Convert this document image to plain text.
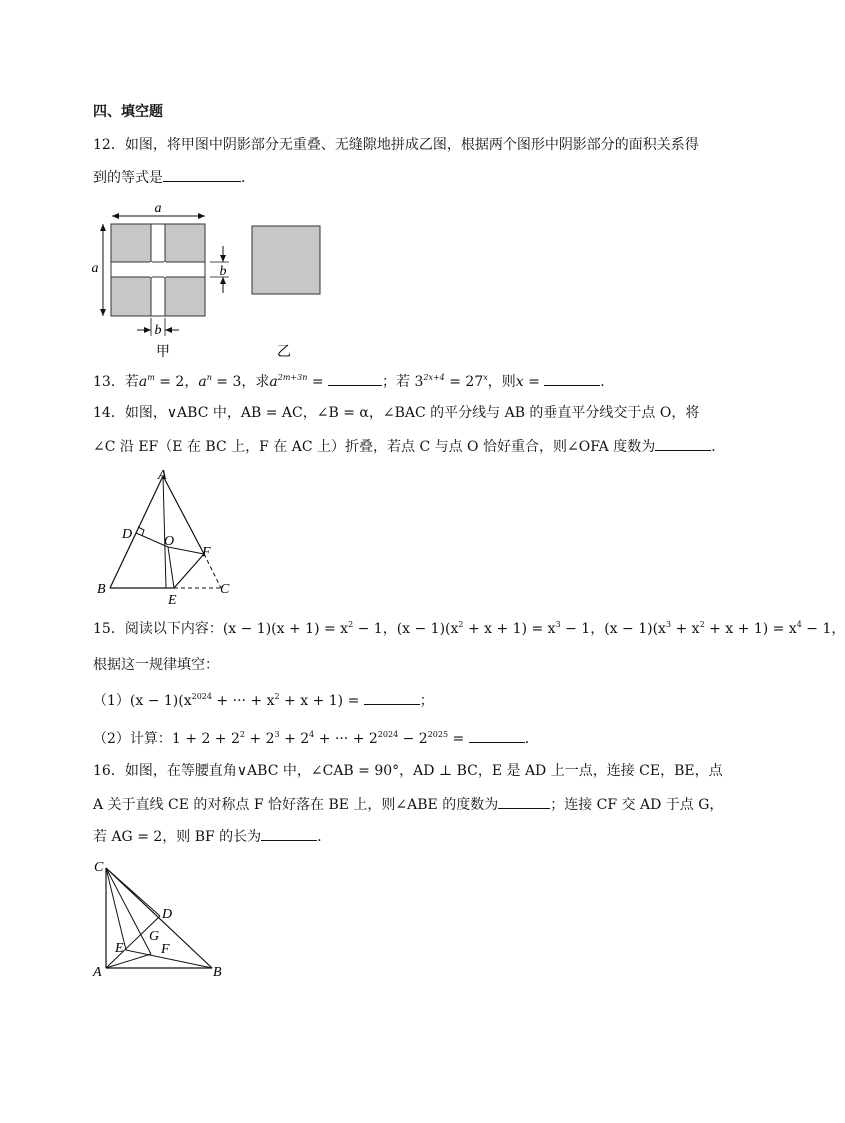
四、填空题
12．如图，将甲图中阴影部分无重叠、无缝隙地拼成乙图，根据两个图形中阴影部分的面积关系得
到的等式是	．
a
a	b
b
甲	乙
13．若$a^m = 2$，$a^n = 3$，求$a^{2m+3n}$ =	；若 $3^{2x+4} = 27^x$，则x =	．
14．如图，∨ABC 中，AB = AC，∠B = α，∠BAC 的平分线与 AB 的垂直平分线交于点 O，将
∠C 沿 EF（E 在 BC 上，F 在 AC 上）折叠，若点 C 与点 O 恰好重合，则∠OFA 度数为	．
A
B	C
D O
E
F
15．阅读以下内容：$(x - 1)(x + 1) = x^2 - 1$，$(x - 1)(x^2 + x + 1) = x^3 - 1$，$(x - 1)(x^3 + x^2 + x + 1) = x^4 - 1$，
根据这一规律填空：
$(1)(x - 1)(x^{2024}$ + ··· + $x^2 + x + 1$) =	；
（2）计算：$1 + 2 + 2^2 + 2^3 + 2^4$ + ··· + $2^{2024} - 2^{2025}$ =	．
16．如图，在等腰直角∨ABC 中，∠CAB = 90°，AD ⊥ BC，E 是 AD 上一点，连接 CE，BE，点
A 关于直线 CE 的对称点 F 恰好落在 BE 上，则∠ABE 的度数为	；连接 CF 交 AD 于点 G，
若 AG = 2，则 BF 的长为	．
C
D
G
E	F
A	B
